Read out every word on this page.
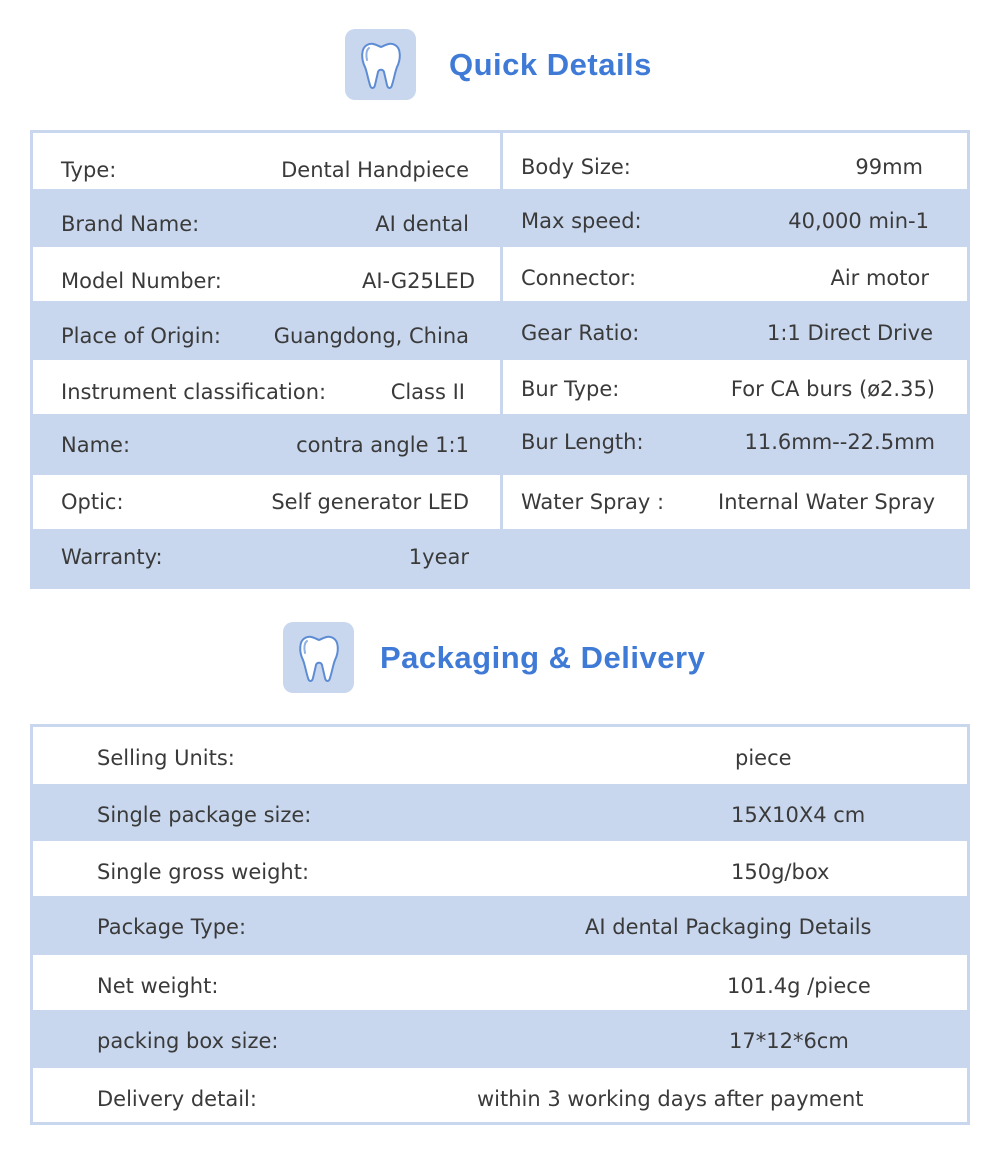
Quick Details
Type:	Dental Handpiece Body Size:	99mm
Brand Name:	AI dental Max speed:	40,000 min-1
Model Number:	AI-G25LED Connector:	Air motor
Place of Origin:	Guangdong, China Gear Ratio:	1:1 Direct Drive
Instrument classification:	Class II	Bur Type:	For CA burs (ø2.35)
Name:	contra angle 1:1 Bur Length:	11.6mm--22.5mm
Optic:	Self generator LED Water Spray :	Internal Water Spray
Warranty:	1year
Packaging & Delivery
Selling Units:	piece
Single package size:	15X10X4 cm
Single gross weight:	150g/box
Package Type:	AI dental Packaging Details
Net weight:	101.4g /piece
packing box size:	17*12*6cm
Delivery detail:	within 3 working days after payment
